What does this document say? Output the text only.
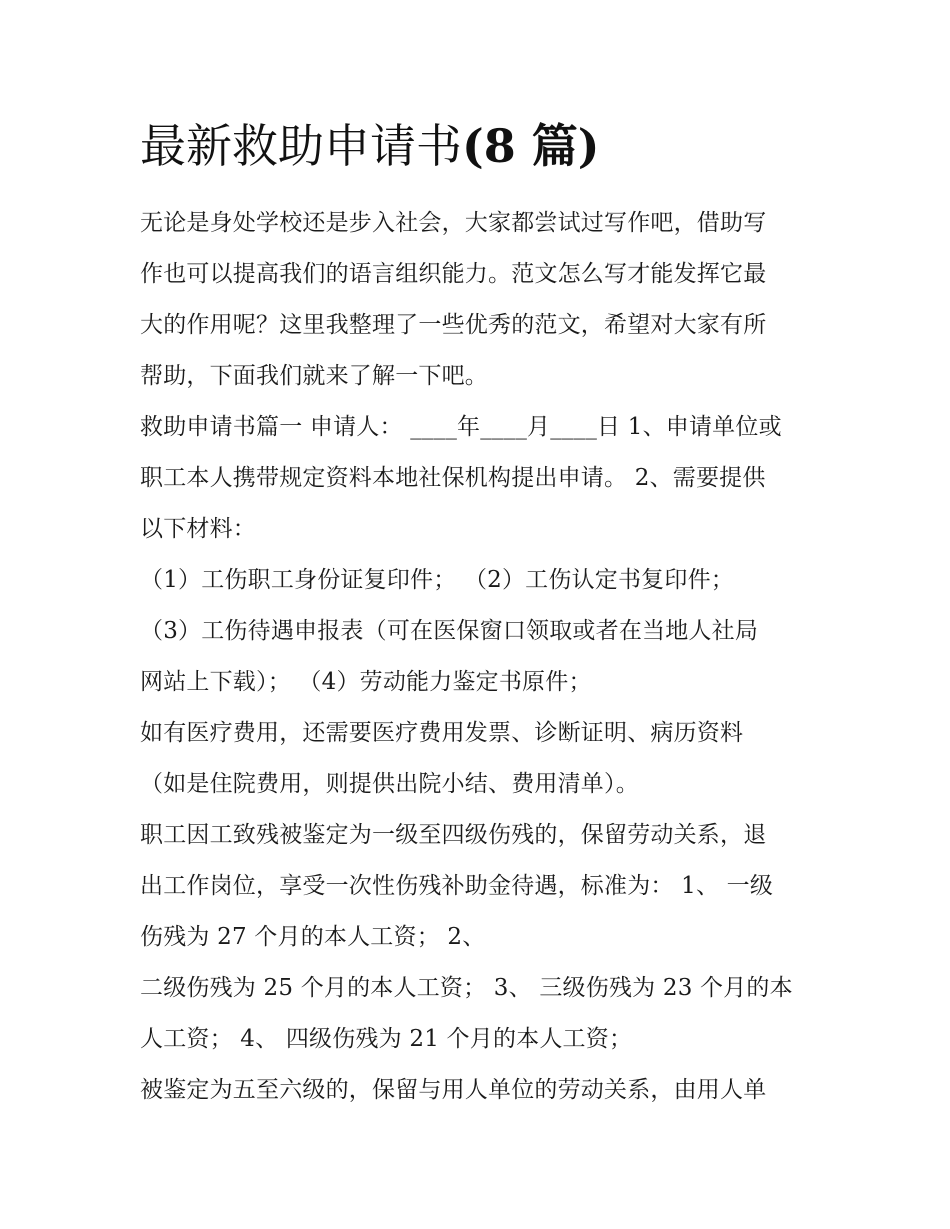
最新救助申请书(8 篇)

无论是身处学校还是步入社会，大家都尝试过写作吧，借助写

作也可以提高我们的语言组织能力。范文怎么写才能发挥它最

大的作用呢？这里我整理了一些优秀的范文，希望对大家有所

帮助，下面我们就来了解一下吧。

救助申请书篇一 申请人： ____年____月____日 1、申请单位或

职工本人携带规定资料本地社保机构提出申请。 2、需要提供

以下材料：

（1）工伤职工身份证复印件； （2）工伤认定书复印件；

（3）工伤待遇申报表（可在医保窗口领取或者在当地人社局

网站上下载）； （4）劳动能力鉴定书原件；

如有医疗费用，还需要医疗费用发票、诊断证明、病历资料

（如是住院费用，则提供出院小结、费用清单）。

职工因工致残被鉴定为一级至四级伤残的，保留劳动关系，退

出工作岗位，享受一次性伤残补助金待遇，标准为： 1、 一级

伤残为 27 个月的本人工资； 2、

二级伤残为 25 个月的本人工资； 3、 三级伤残为 23 个月的本

人工资； 4、 四级伤残为 21 个月的本人工资；

被鉴定为五至六级的，保留与用人单位的劳动关系，由用人单
